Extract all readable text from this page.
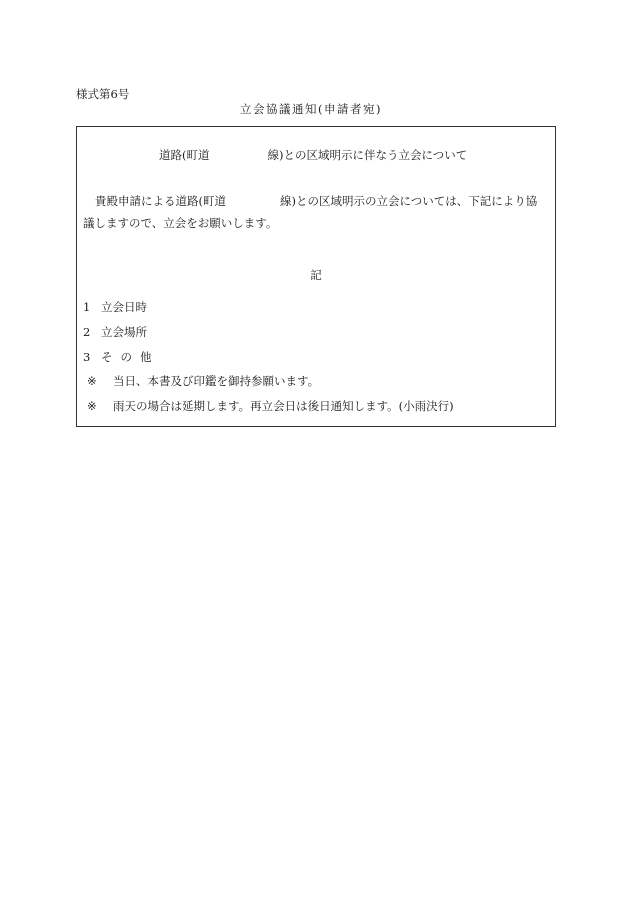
様式第6号
立会協議通知(申請者宛)
道路(町道	線)との区域明示に伴なう立会について
貴殿申請による道路(町道	線)との区域明示の立会については、下記により協
議しますので、立会をお願いします。
記
1 立会日時
2 立会場所
3 その他
※ 当日、本書及び印鑑を御持参願います。
※ 雨天の場合は延期します。再立会日は後日通知します。(小雨決行)
